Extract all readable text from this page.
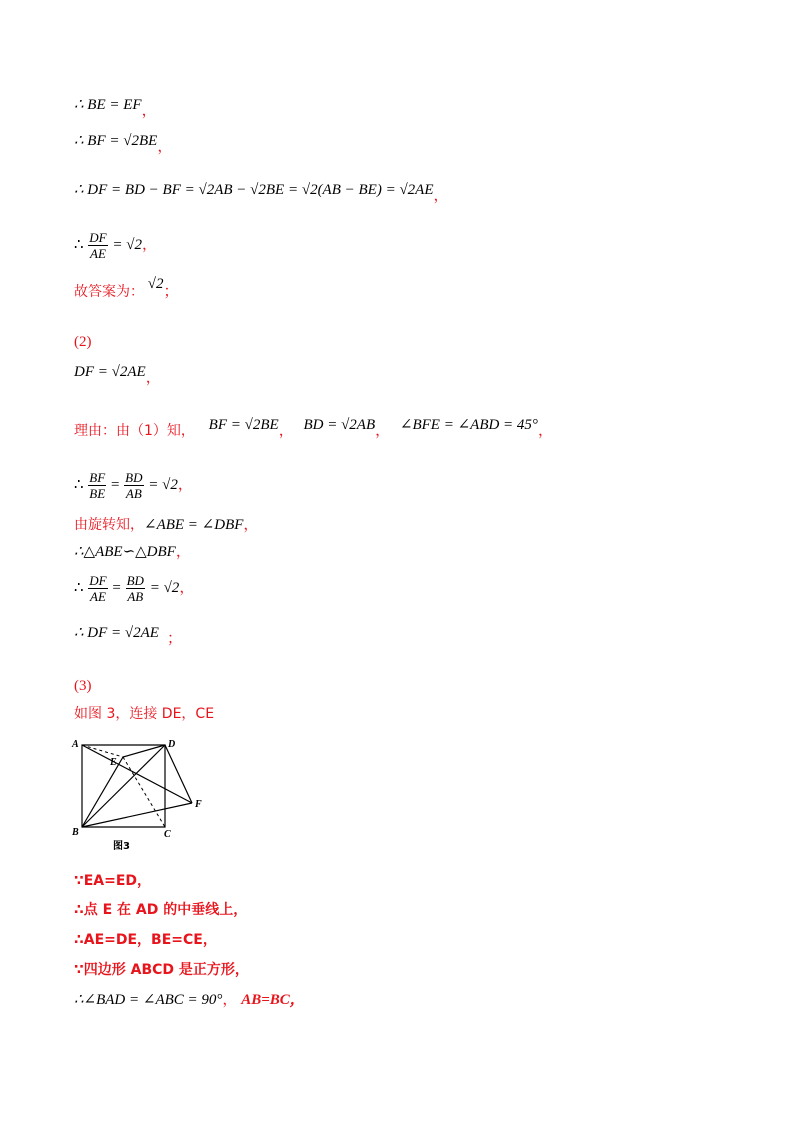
∴ BE = EF，
∴ BF = √2BE，
∴ DF = BD − BF = √2AB − √2BE = √2(AB − BE) = √2AE，
∴ $\frac{DF}{AE} = √2$，
故答案为： √2；
(2)
DF = √2AE，
理由：由（1）知， BF = √2BE， BD = √2AB， ∠BFE = ∠ABD = 45°，
∴ $\frac{BF}{BE} = \frac{BD}{AB} = √2$，
由旋转知，∠ABE = ∠DBF，
∴△ABE∽△DBF，
∴ $\frac{DF}{AE} = \frac{BD}{AB} = √2$，
∴ DF = √2AE ；
(3)
如图 3，连接 DE，CE
A	D
E
F
B	C
图3
∵EA=ED，
∴点 E 在 AD 的中垂线上，
∴AE=DE，BE=CE，
∵四边形 ABCD 是正方形，
∴∠BAD = ∠ABC = 90°， AB=BC，
